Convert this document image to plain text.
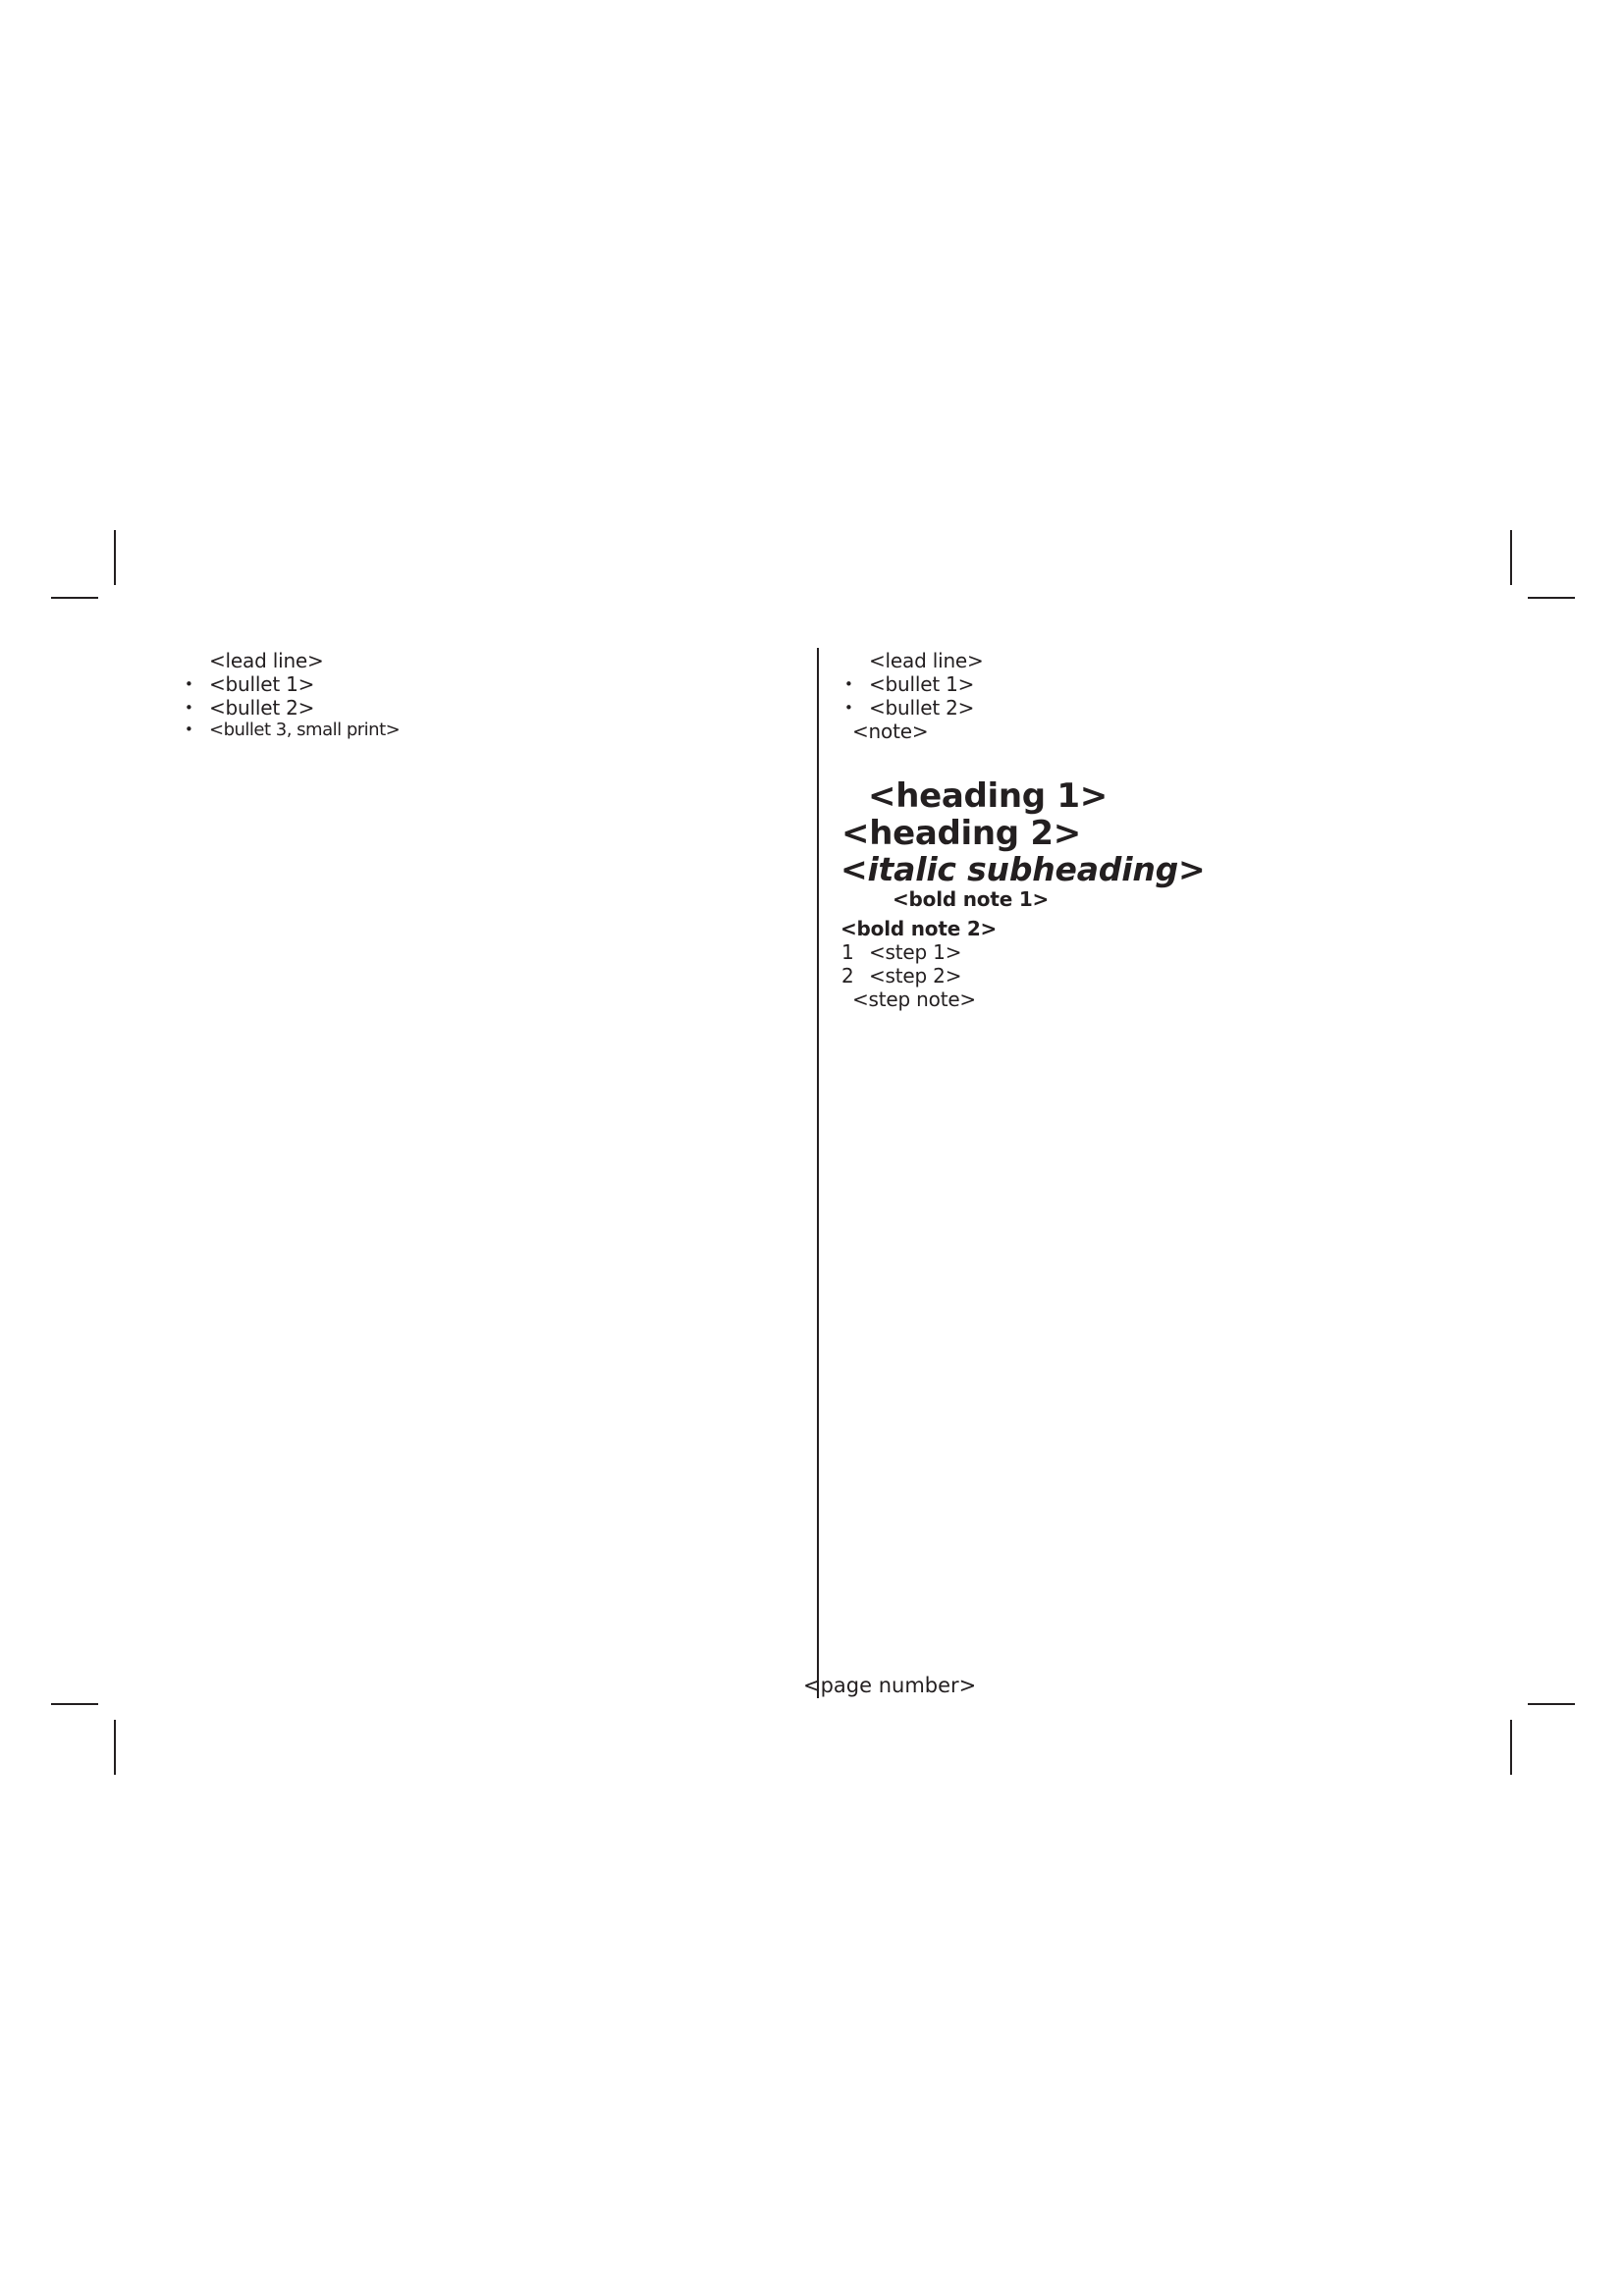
<lead line>
• <bullet 1>
• <bullet 2>
• <bullet 3, small print>
<lead line>
• <bullet 1>
• <bullet 2>
<note>
<heading 1>
<heading 2>
<italic subheading>
<bold note 1>
<bold note 2>
1 <step 1>
2 <step 2>
<step note>
<page number>
